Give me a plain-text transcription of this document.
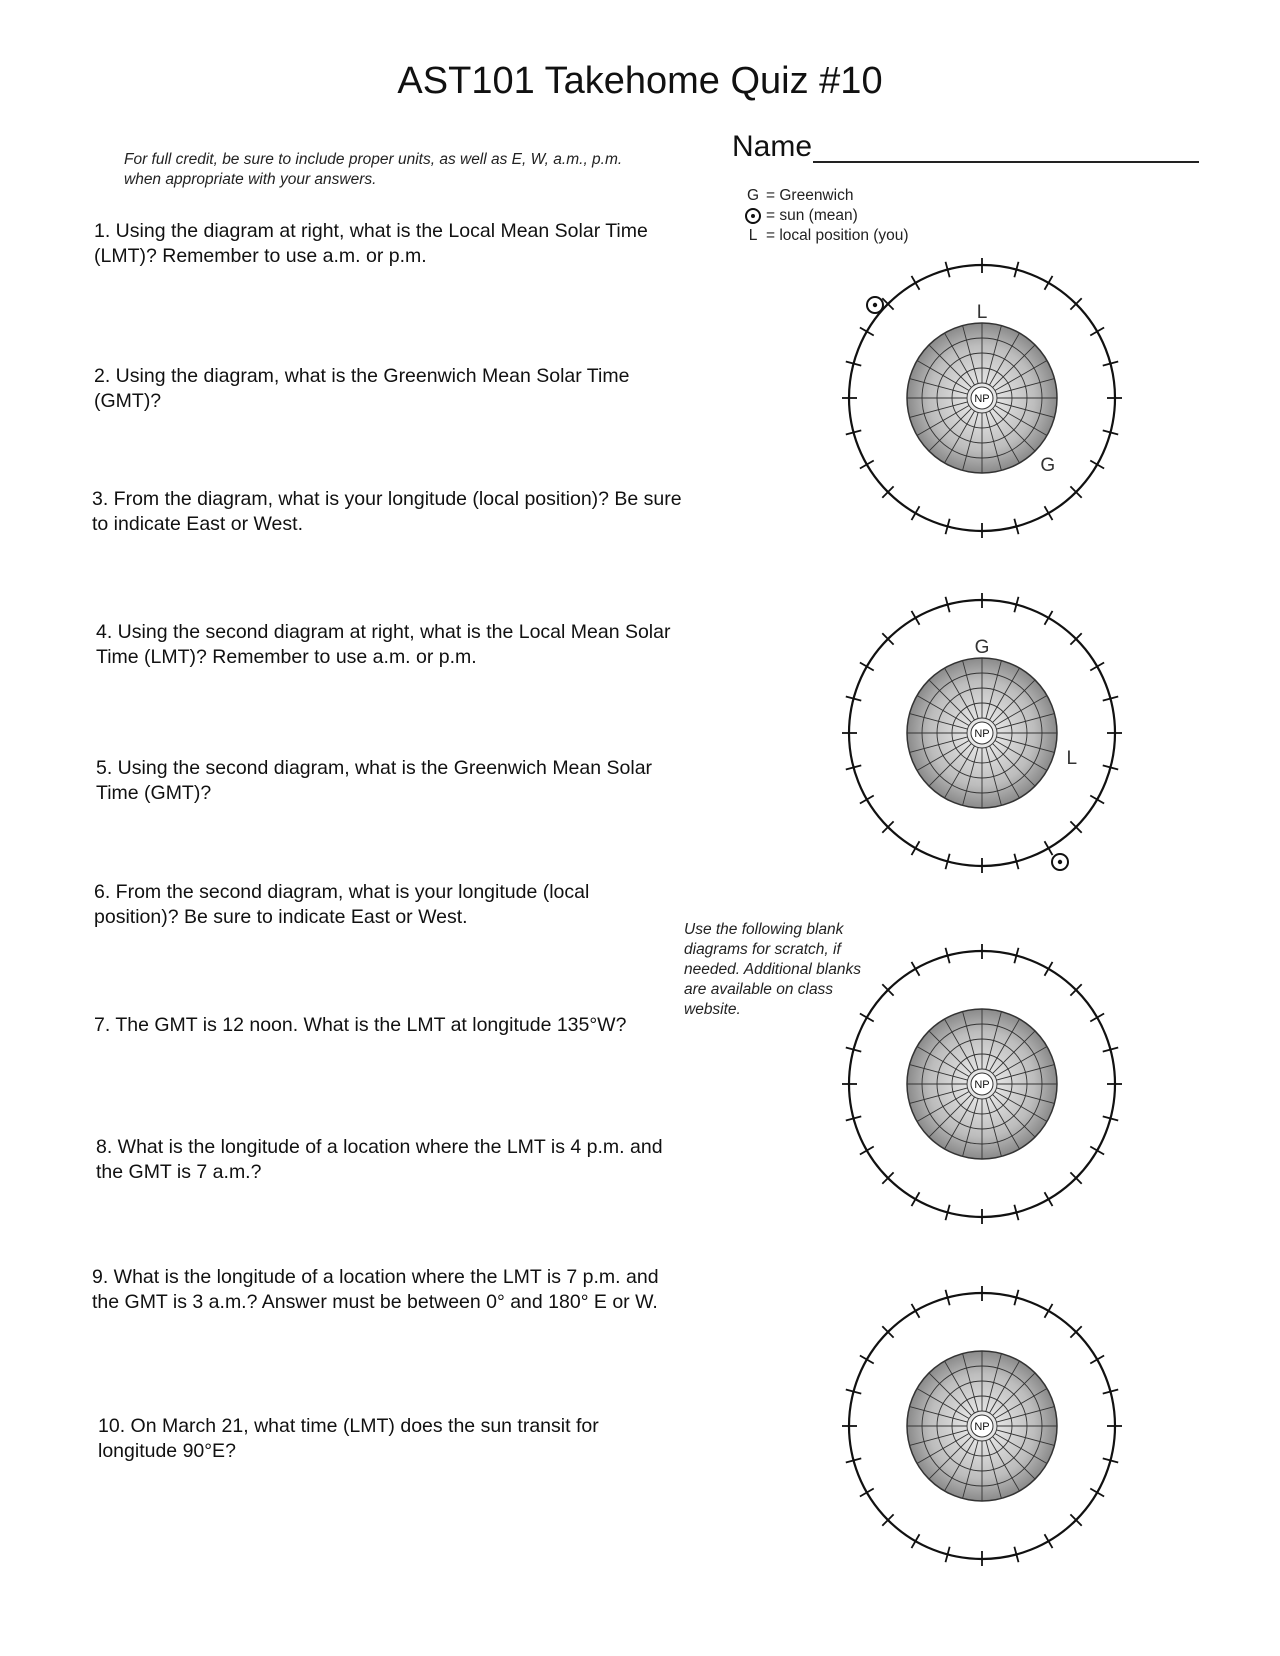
AST101 Takehome Quiz #10
For full credit, be sure to include proper units, as well as E, W, a.m., p.m. when appropriate with your answers.
Name
G = Greenwich
= sun (mean)
L = local position (you)
1. Using the diagram at right, what is the Local Mean Solar Time (LMT)? Remember to use a.m. or p.m.
2. Using the diagram, what is the Greenwich Mean Solar Time (GMT)?
3. From the diagram, what is your longitude (local position)? Be sure to indicate East or West.
4. Using the second diagram at right, what is the Local Mean Solar Time (LMT)? Remember to use a.m. or p.m.
5. Using the second diagram, what is the Greenwich Mean Solar Time (GMT)?
6. From the second diagram, what is your longitude (local position)? Be sure to indicate East or West.
7. The GMT is 12 noon. What is the LMT at longitude 135°W?
8. What is the longitude of a location where the LMT is 4 p.m. and the GMT is 7 a.m.?
9. What is the longitude of a location where the LMT is 7 p.m. and the GMT is 3 a.m.? Answer must be between 0° and 180° E or W.
10. On March 21, what time (LMT) does the sun transit for longitude 90°E?
Use the following blank diagrams for scratch, if needed. Additional blanks are available on class website.
NP
L
G
NP
G
L
NP
NP
